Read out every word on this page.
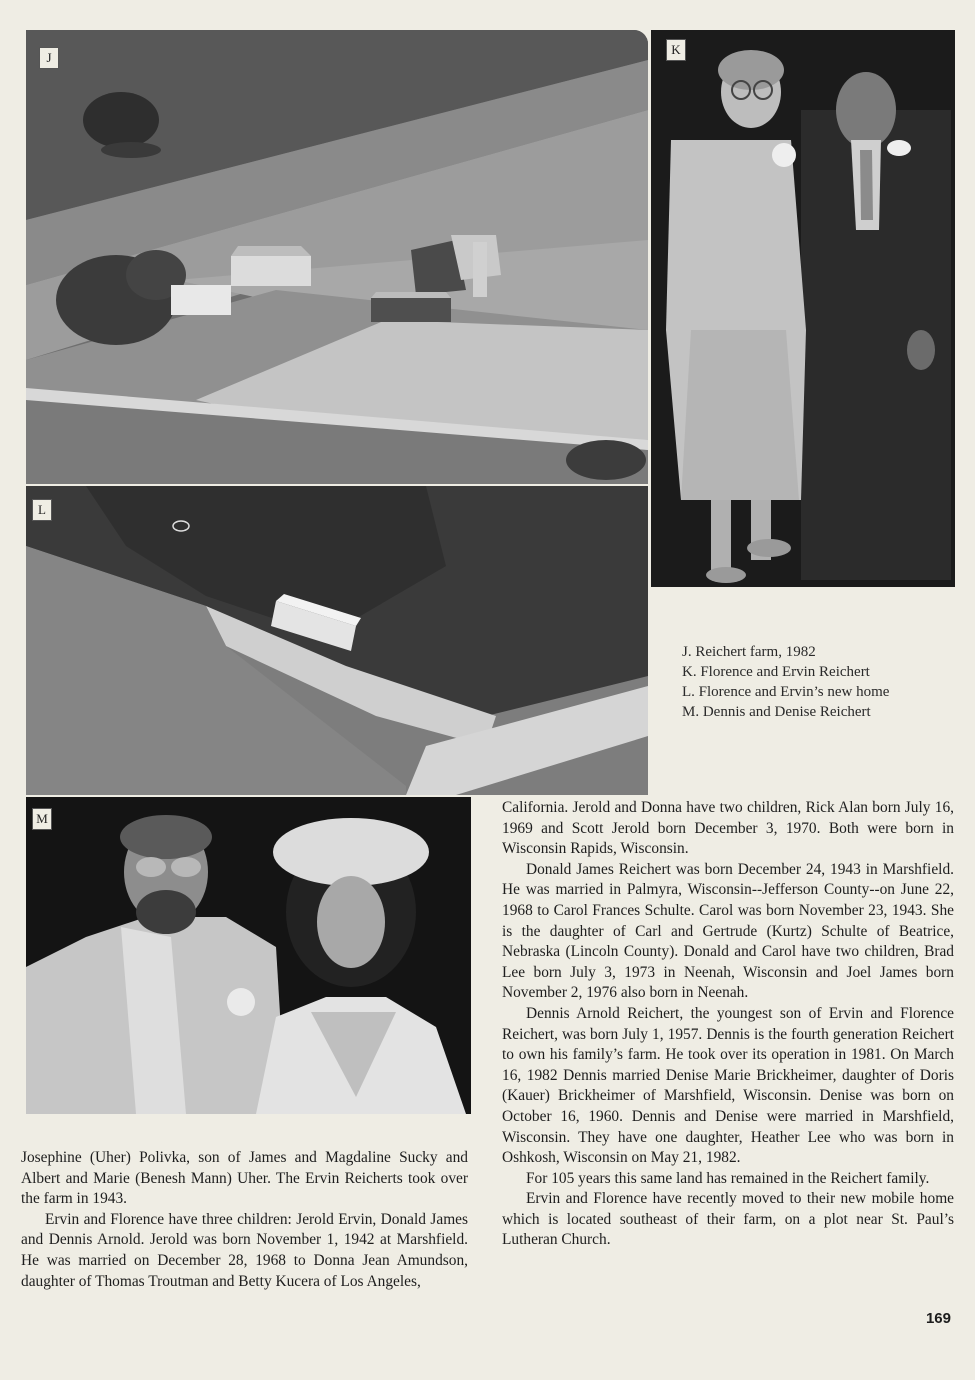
J
K
L
M
J. Reichert farm, 1982
K. Florence and Ervin Reichert
L. Florence and Ervin’s new home
M. Dennis and Denise Reichert

Josephine (Uher) Polivka, son of James and Magdaline Sucky and Albert and Marie (Benesh Mann) Uher. The Ervin Reicherts took over the farm in 1943.

Ervin and Florence have three children: Jerold Ervin, Donald James and Dennis Arnold. Jerold was born November 1, 1942 at Marshfield. He was married on December 28, 1968 to Donna Jean Amundson, daughter of Thomas Troutman and Betty Kucera of Los Angeles,

California. Jerold and Donna have two children, Rick Alan born July 16, 1969 and Scott Jerold born December 3, 1970. Both were born in Wisconsin Rapids, Wisconsin.

Donald James Reichert was born December 24, 1943 in Marshfield. He was married in Palmyra, Wisconsin--Jefferson County--on June 22, 1968 to Carol Frances Schulte. Carol was born November 23, 1943. She is the daughter of Carl and Gertrude (Kurtz) Schulte of Beatrice, Nebraska (Lincoln County). Donald and Carol have two children, Brad Lee born July 3, 1973 in Neenah, Wisconsin and Joel James born November 2, 1976 also born in Neenah.

Dennis Arnold Reichert, the youngest son of Ervin and Florence Reichert, was born July 1, 1957. Dennis is the fourth generation Reichert to own his family’s farm. He took over its operation in 1981. On March 16, 1982 Dennis married Denise Marie Brickheimer, daughter of Doris (Kauer) Brickheimer of Marshfield, Wisconsin. Denise was born on October 16, 1960. Dennis and Denise were married in Marshfield, Wisconsin. They have one daughter, Heather Lee who was born in Oshkosh, Wisconsin on May 21, 1982.

For 105 years this same land has remained in the Reichert family.

Ervin and Florence have recently moved to their new mobile home which is located southeast of their farm, on a plot near St. Paul’s Lutheran Church.

169
